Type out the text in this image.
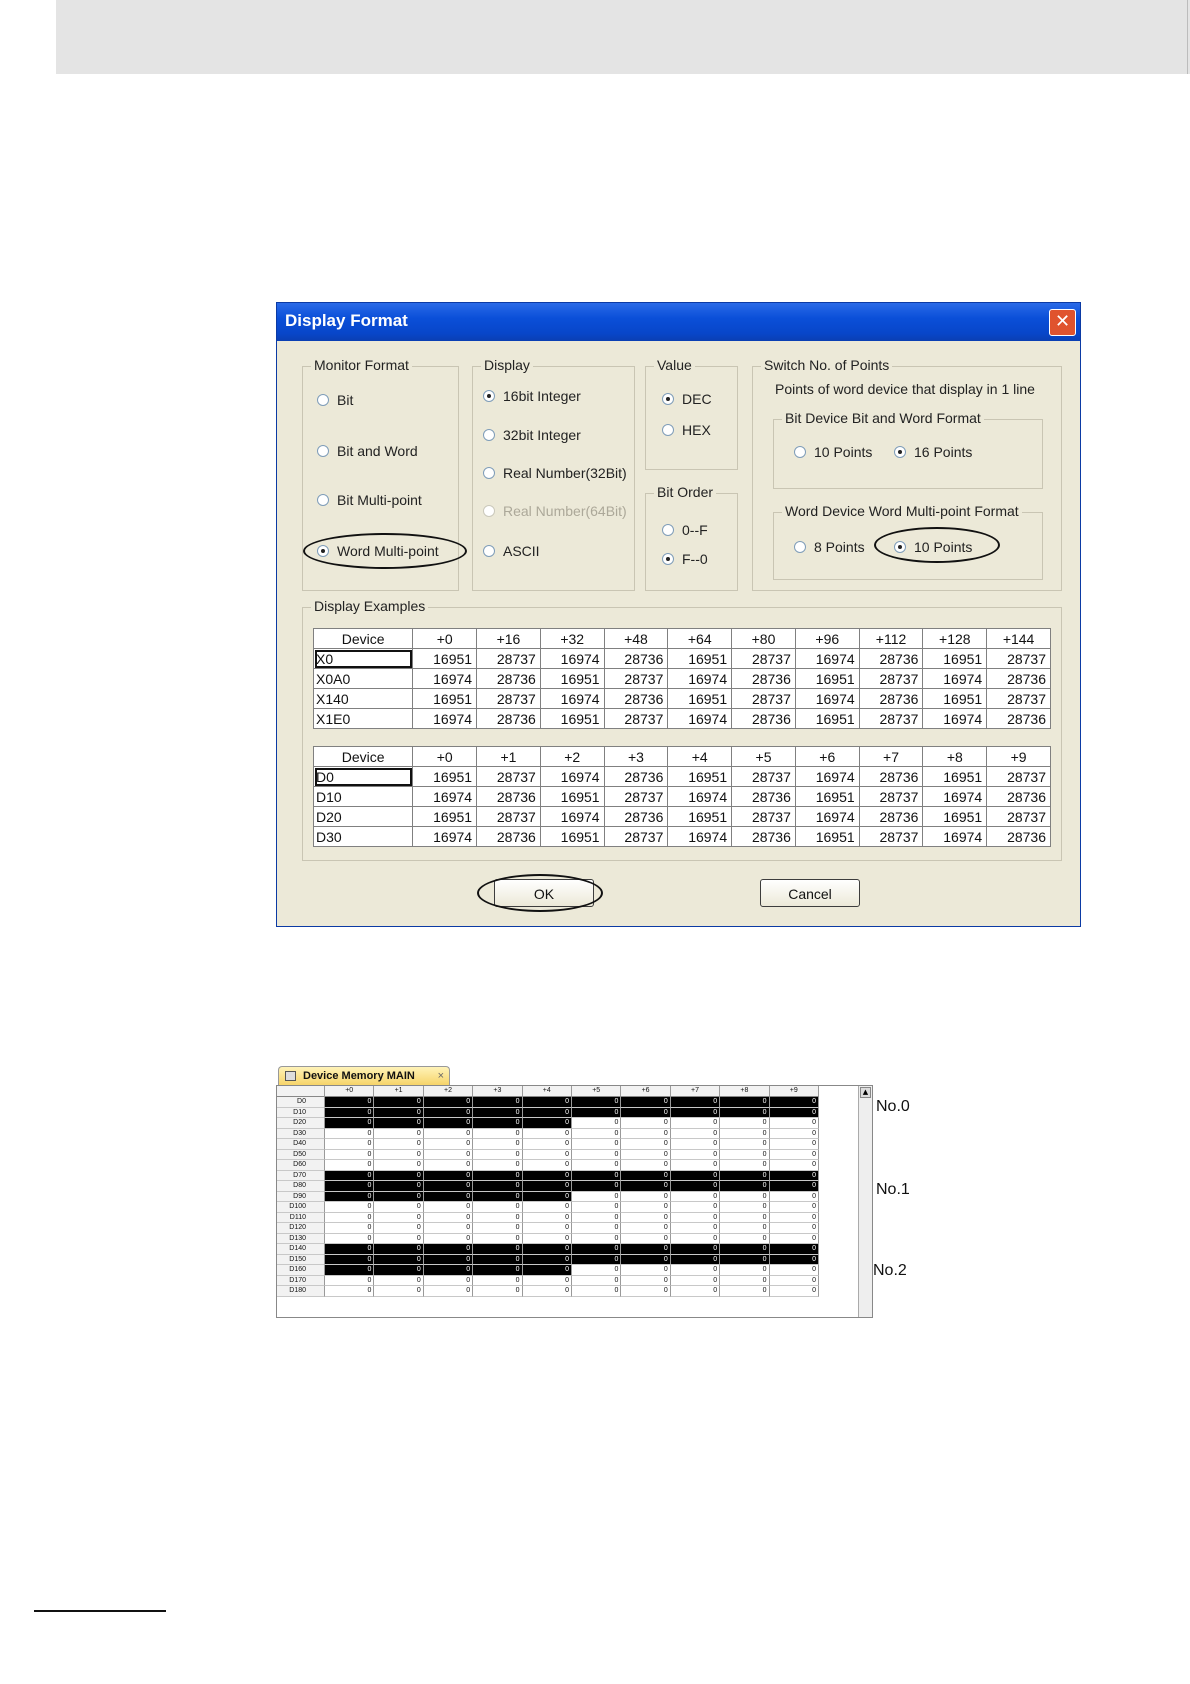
Display Format	✕
Monitor Format
Bit
Bit and Word
Bit Multi-point
Word Multi-point
Display
16bit Integer
32bit Integer
Real Number(32Bit)
Real Number(64Bit)
ASCII
Value
DEC
HEX
Bit Order
0--F
F--0
Switch No. of Points
Points of word device that display in 1 line
Bit Device Bit and Word Format
10 Points	16 Points
Word Device Word Multi-point Format
8 Points	10 Points
Display Examples
Device	+0	+16	+32	+48	+64	+80	+96	+112	+128	+144
X0	16951	28737	16974	28736	16951	28737	16974	28736	16951	28737
X0A0	16974	28736	16951	28737	16974	28736	16951	28737	16974	28736
X140	16951	28737	16974	28736	16951	28737	16974	28736	16951	28737
X1E0	16974	28736	16951	28737	16974	28736	16951	28737	16974	28736
Device	+0	+1	+2	+3	+4	+5	+6	+7	+8	+9
D0	16951	28737	16974	28736	16951	28737	16974	28736	16951	28737
D10	16974	28736	16951	28737	16974	28736	16951	28737	16974	28736
D20	16951	28737	16974	28736	16951	28737	16974	28736	16951	28737
D30	16974	28736	16951	28737	16974	28736	16951	28737	16974	28736
OK	Cancel
Device Memory MAIN ×
▲
+0	+1	+2	+3	+4	+5	+6	+7	+8	+9
D0	0	0	0	0	0	0	0	0	0	0
D10	0	0	0	0	0	0	0	0	0	0
D20	0	0	0	0	0	0	0	0	0	0
D30	0	0	0	0	0	0	0	0	0	0
D40	0	0	0	0	0	0	0	0	0	0
D50	0	0	0	0	0	0	0	0	0	0
D60	0	0	0	0	0	0	0	0	0	0
D70	0	0	0	0	0	0	0	0	0	0
D80	0	0	0	0	0	0	0	0	0	0
D90	0	0	0	0	0	0	0	0	0	0
D100	0	0	0	0	0	0	0	0	0	0
D110	0	0	0	0	0	0	0	0	0	0
D120	0	0	0	0	0	0	0	0	0	0
D130	0	0	0	0	0	0	0	0	0	0
D140	0	0	0	0	0	0	0	0	0	0
D150	0	0	0	0	0	0	0	0	0	0
D160	0	0	0	0	0	0	0	0	0	0
D170	0	0	0	0	0	0	0	0	0	0
D180	0	0	0	0	0	0	0	0	0	0
No.0
No.1
No.2
